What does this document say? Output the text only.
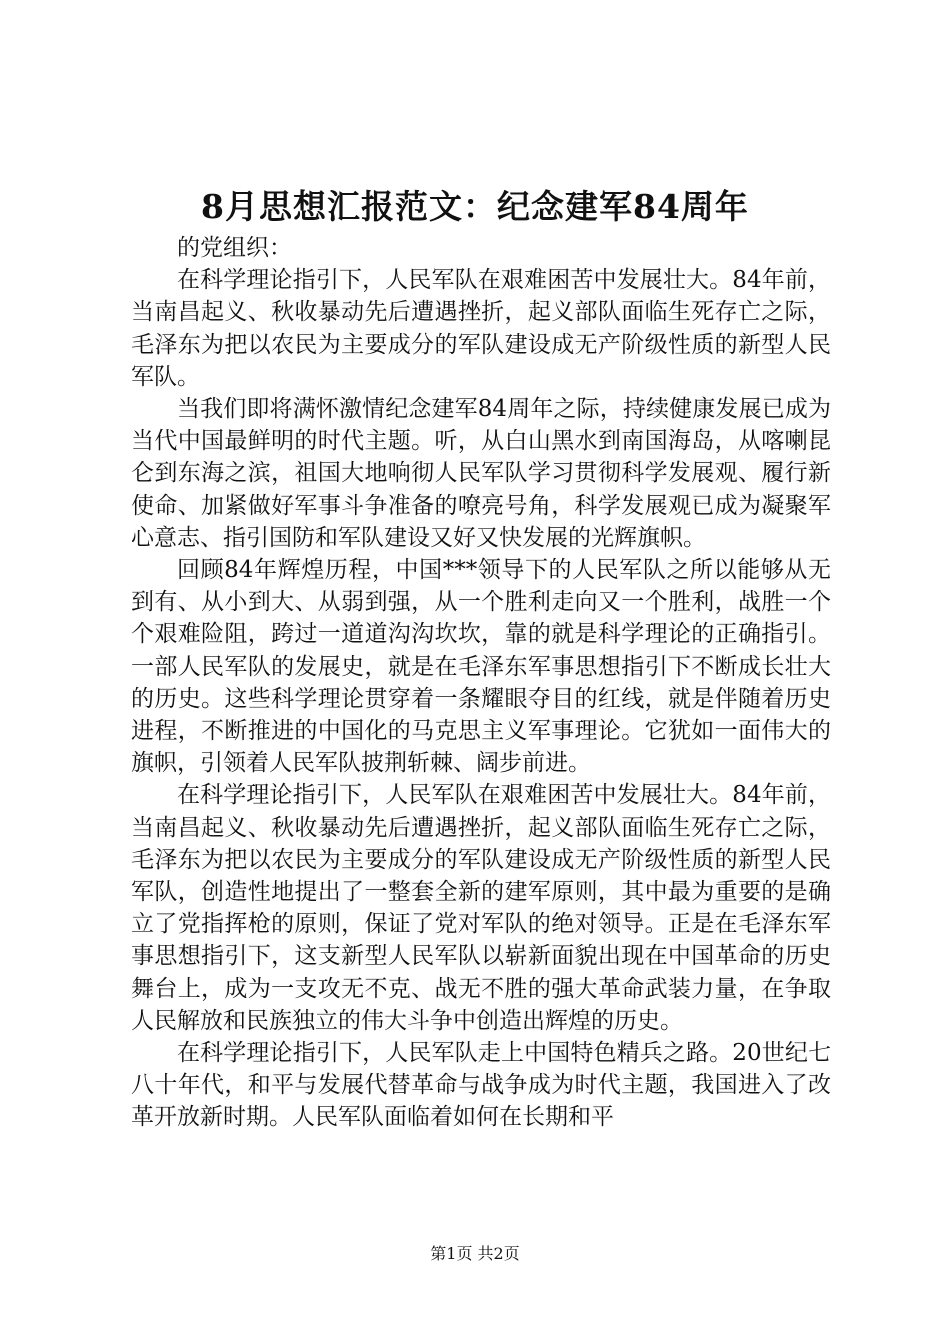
8月思想汇报范文：纪念建军84周年

的党组织：

在科学理论指引下，人民军队在艰难困苦中发展壮大。84年前，当南昌起义、秋收暴动先后遭遇挫折，起义部队面临生死存亡之际，毛泽东为把以农民为主要成分的军队建设成无产阶级性质的新型人民军队。

当我们即将满怀激情纪念建军84周年之际，持续健康发展已成为当代中国最鲜明的时代主题。听，从白山黑水到南国海岛，从喀喇昆仑到东海之滨，祖国大地响彻人民军队学习贯彻科学发展观、履行新使命、加紧做好军事斗争准备的嘹亮号角，科学发展观已成为凝聚军心意志、指引国防和军队建设又好又快发展的光辉旗帜。

回顾84年辉煌历程，中国***领导下的人民军队之所以能够从无到有、从小到大、从弱到强，从一个胜利走向又一个胜利，战胜一个个艰难险阻，跨过一道道沟沟坎坎，靠的就是科学理论的正确指引。一部人民军队的发展史，就是在毛泽东军事思想指引下不断成长壮大的历史。这些科学理论贯穿着一条耀眼夺目的红线，就是伴随着历史进程，不断推进的中国化的马克思主义军事理论。它犹如一面伟大的旗帜，引领着人民军队披荆斩棘、阔步前进。

在科学理论指引下，人民军队在艰难困苦中发展壮大。84年前，当南昌起义、秋收暴动先后遭遇挫折，起义部队面临生死存亡之际，毛泽东为把以农民为主要成分的军队建设成无产阶级性质的新型人民军队，创造性地提出了一整套全新的建军原则，其中最为重要的是确立了党指挥枪的原则，保证了党对军队的绝对领导。正是在毛泽东军事思想指引下，这支新型人民军队以崭新面貌出现在中国革命的历史舞台上，成为一支攻无不克、战无不胜的强大革命武装力量，在争取人民解放和民族独立的伟大斗争中创造出辉煌的历史。

在科学理论指引下，人民军队走上中国特色精兵之路。20世纪七八十年代，和平与发展代替革命与战争成为时代主题，我国进入了改革开放新时期。人民军队面临着如何在长期和平

第1页 共2页
